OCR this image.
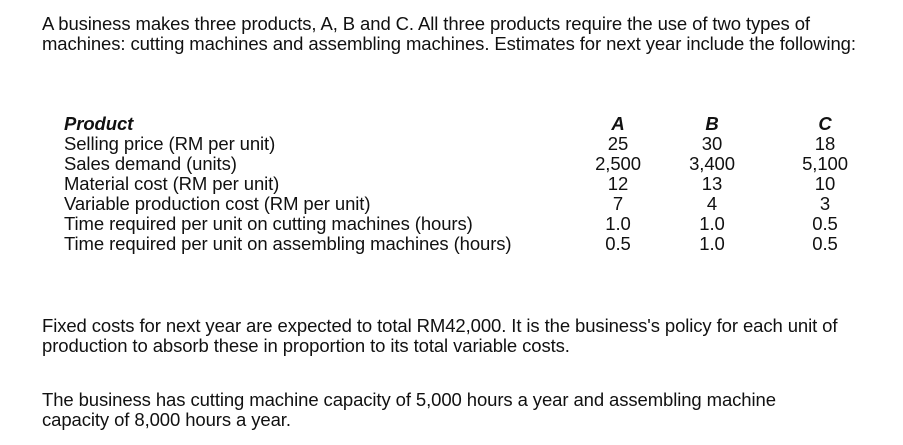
A business makes three products, A, B and C. All three products require the use of two types of machines: cutting machines and assembling machines. Estimates for next year include the following:

Product	A	B	C
Selling price (RM per unit)	25	30	18
Sales demand (units)	2,500	3,400	5,100
Material cost (RM per unit)	12	13	10
Variable production cost (RM per unit)	7	4	3
Time required per unit on cutting machines (hours)	1.0	1.0	0.5
Time required per unit on assembling machines (hours)	0.5	1.0	0.5

Fixed costs for next year are expected to total RM42,000. It is the business's policy for each unit of production to absorb these in proportion to its total variable costs.

The business has cutting machine capacity of 5,000 hours a year and assembling machine capacity of 8,000 hours a year.
